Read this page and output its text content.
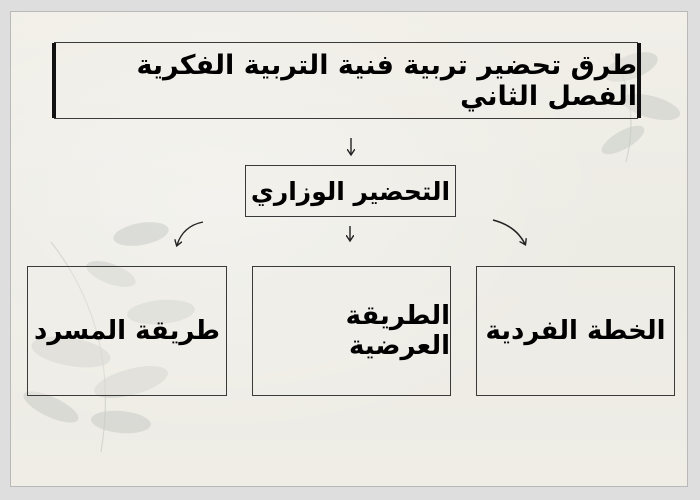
طرق تحضير تربية فنية التربية الفكرية الفصل الثاني
التحضير الوزاري
الخطة الفردية
الطريقة العرضية
طريقة المسرد
